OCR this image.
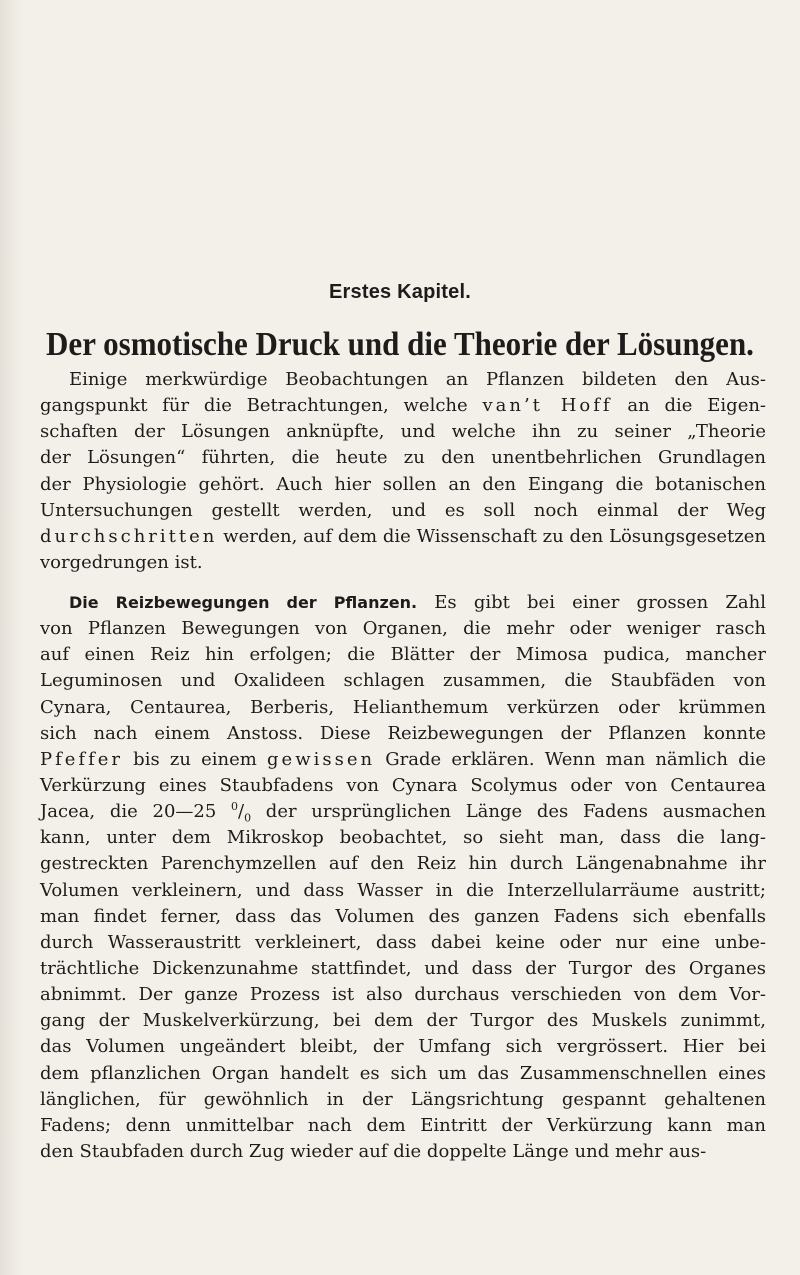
Erstes Kapitel.
Der osmotische Druck und die Theorie der Lösungen.
Einige merkwürdige Beobachtungen an Pflanzen bildeten den Aus-
gangspunkt für die Betrachtungen, welche van’t Hoff an die Eigen-
schaften der Lösungen anknüpfte, und welche ihn zu seiner „Theorie
der Lösungen“ führten, die heute zu den unentbehrlichen Grundlagen
der Physiologie gehört. Auch hier sollen an den Eingang die botanischen
Untersuchungen gestellt werden, und es soll noch einmal der Weg
durchschritten werden, auf dem die Wissenschaft zu den Lösungsgesetzen
vorgedrungen ist.
Die Reizbewegungen der Pflanzen. Es gibt bei einer grossen Zahl
von Pflanzen Bewegungen von Organen, die mehr oder weniger rasch
auf einen Reiz hin erfolgen; die Blätter der Mimosa pudica, mancher
Leguminosen und Oxalideen schlagen zusammen, die Staubfäden von
Cynara, Centaurea, Berberis, Helianthemum verkürzen oder krümmen
sich nach einem Anstoss. Diese Reizbewegungen der Pflanzen konnte
Pfeffer bis zu einem gewissen Grade erklären. Wenn man nämlich die
Verkürzung eines Staubfadens von Cynara Scolymus oder von Centaurea
Jacea, die 20—25 $^0/_0$ der ursprünglichen Länge des Fadens ausmachen
kann, unter dem Mikroskop beobachtet, so sieht man, dass die lang-
gestreckten Parenchymzellen auf den Reiz hin durch Längenabnahme ihr
Volumen verkleinern, und dass Wasser in die Interzellularräume austritt;
man findet ferner, dass das Volumen des ganzen Fadens sich ebenfalls
durch Wasseraustritt verkleinert, dass dabei keine oder nur eine unbe-
trächtliche Dickenzunahme stattfindet, und dass der Turgor des Organes
abnimmt. Der ganze Prozess ist also durchaus verschieden von dem Vor-
gang der Muskelverkürzung, bei dem der Turgor des Muskels zunimmt,
das Volumen ungeändert bleibt, der Umfang sich vergrössert. Hier bei
dem pflanzlichen Organ handelt es sich um das Zusammenschnellen eines
länglichen, für gewöhnlich in der Längsrichtung gespannt gehaltenen
Fadens; denn unmittelbar nach dem Eintritt der Verkürzung kann man
den Staubfaden durch Zug wieder auf die doppelte Länge und mehr aus-
